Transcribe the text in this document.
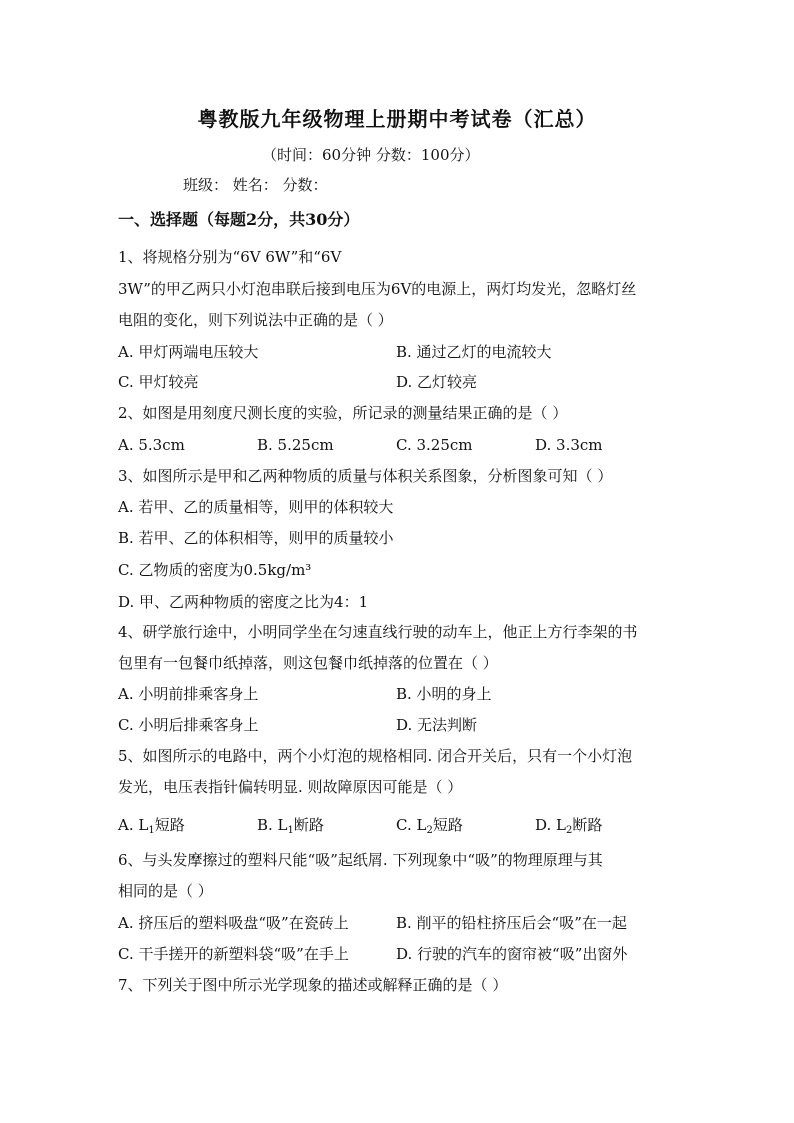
粤教版九年级物理上册期中考试卷（汇总）
（时间：60分钟 分数：100分）
班级： 姓名： 分数：
一、选择题（每题2分，共30分）
1、将规格分别为“6V 6W”和“6V
3W”的甲乙两只小灯泡串联后接到电压为6V的电源上，两灯均发光，忽略灯丝
电阻的变化，则下列说法中正确的是（ ）
A. 甲灯两端电压较大	B. 通过乙灯的电流较大
C. 甲灯较亮	D. 乙灯较亮
2、如图是用刻度尺测长度的实验，所记录的测量结果正确的是（ ）
A. 5.3cm	B. 5.25cm	C. 3.25cm	D. 3.3cm
3、如图所示是甲和乙两种物质的质量与体积关系图象，分析图象可知（ ）
A. 若甲、乙的质量相等，则甲的体积较大
B. 若甲、乙的体积相等，则甲的质量较小
C. 乙物质的密度为0.5kg/m³
D. 甲、乙两种物质的密度之比为4：1
4、研学旅行途中，小明同学坐在匀速直线行驶的动车上，他正上方行李架的书
包里有一包餐巾纸掉落，则这包餐巾纸掉落的位置在（ ）
A. 小明前排乘客身上	B. 小明的身上
C. 小明后排乘客身上	D. 无法判断
5、如图所示的电路中，两个小灯泡的规格相同. 闭合开关后，只有一个小灯泡
发光，电压表指针偏转明显. 则故障原因可能是（ ）
A. $L_1$短路	B. $L_1$断路	C. $L_2$短路	D. $L_2$断路
6、与头发摩擦过的塑料尺能“吸”起纸屑. 下列现象中“吸”的物理原理与其
相同的是（ ）
A. 挤压后的塑料吸盘“吸”在瓷砖上	B. 削平的铅柱挤压后会“吸”在一起
C. 干手搓开的新塑料袋“吸”在手上	D. 行驶的汽车的窗帘被“吸”出窗外
7、下列关于图中所示光学现象的描述或解释正确的是（ ）
